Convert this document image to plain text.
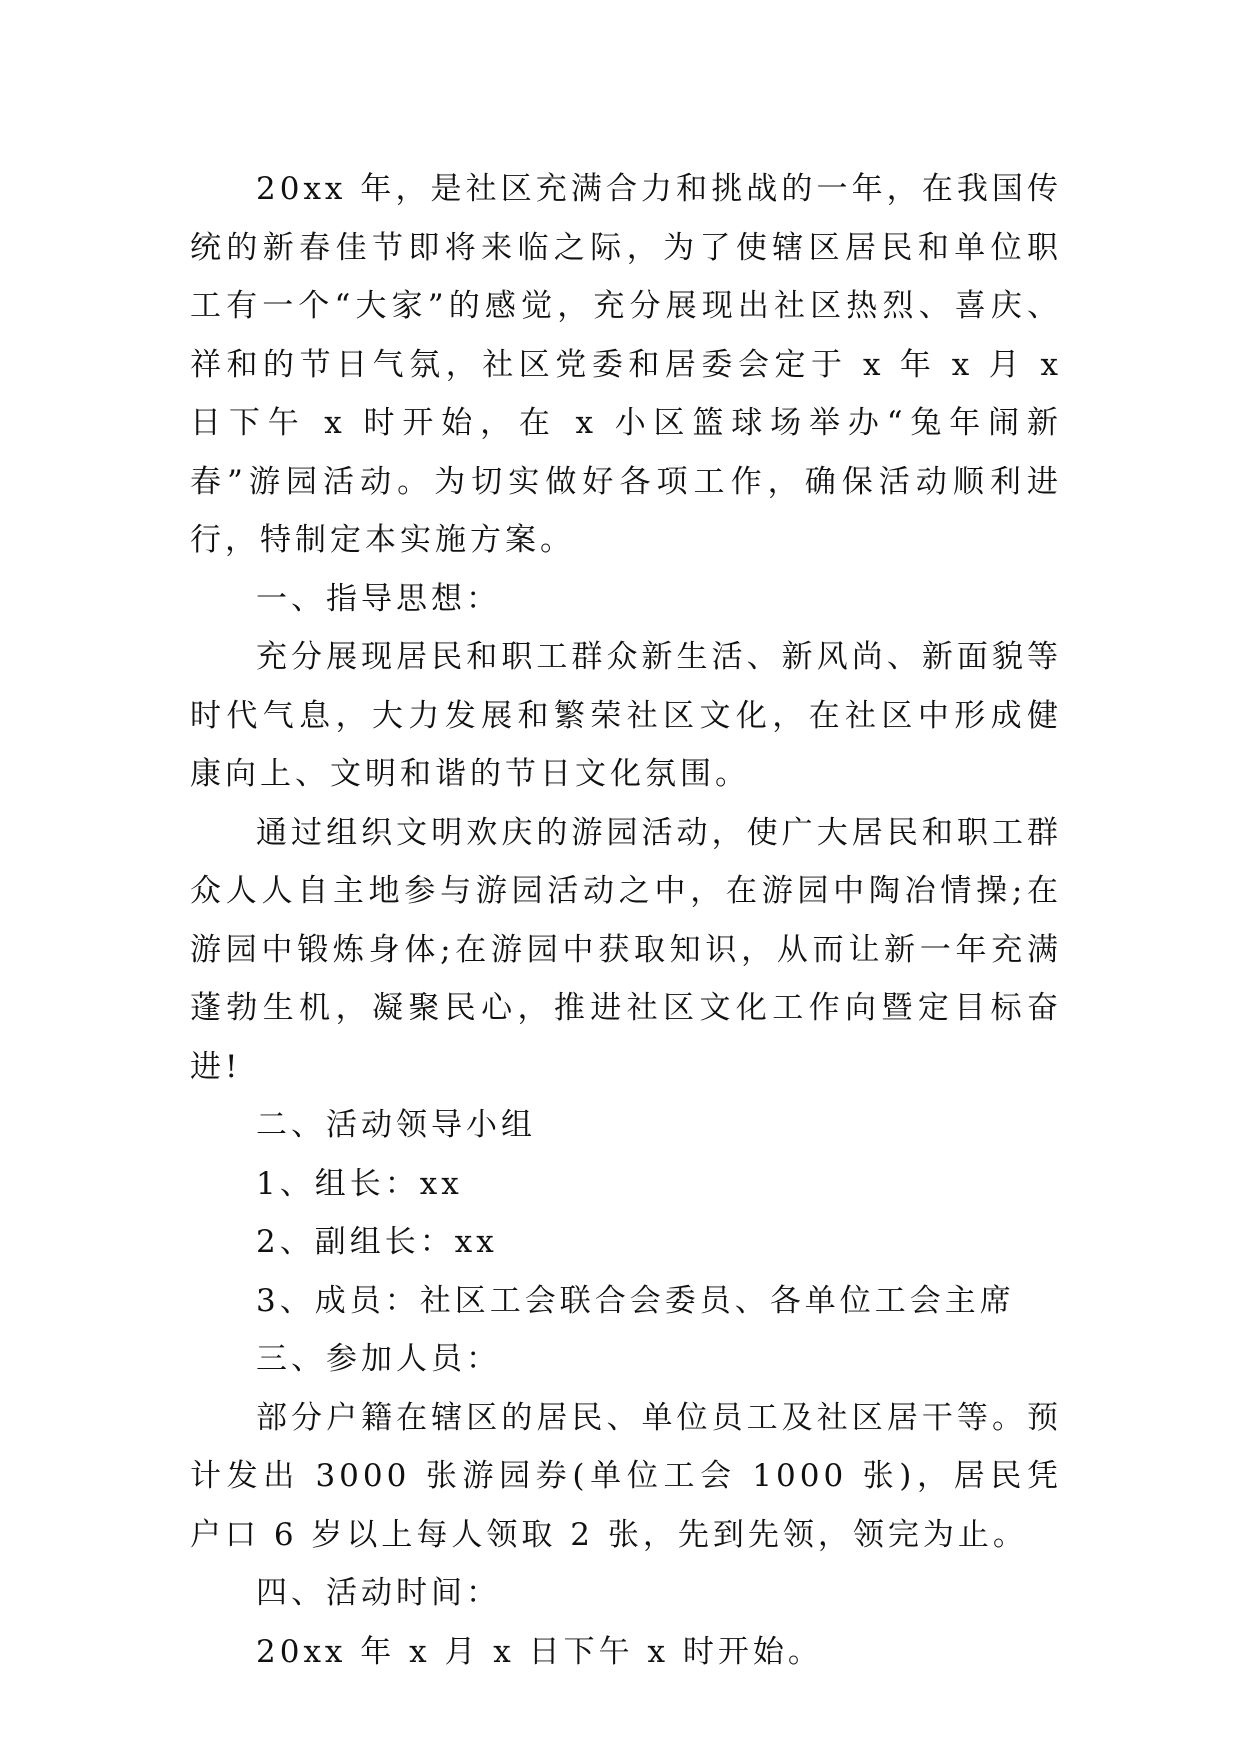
20xx 年，是社区充满合力和挑战的一年，在我国传统的新春佳节即将来临之际，为了使辖区居民和单位职工有一个“大家”的感觉，充分展现出社区热烈、喜庆、祥和的节日气氛，社区党委和居委会定于 x 年 x 月 x 日下午 x 时开始，在 x 小区篮球场举办“兔年闹新春”游园活动。为切实做好各项工作，确保活动顺利进行，特制定本实施方案。

一、指导思想：

充分展现居民和职工群众新生活、新风尚、新面貌等时代气息，大力发展和繁荣社区文化，在社区中形成健康向上、文明和谐的节日文化氛围。

通过组织文明欢庆的游园活动，使广大居民和职工群众人人自主地参与游园活动之中，在游园中陶冶情操;在游园中锻炼身体;在游园中获取知识，从而让新一年充满蓬勃生机，凝聚民心，推进社区文化工作向暨定目标奋进!

二、活动领导小组

1、组长：xx

2、副组长：xx

3、成员：社区工会联合会委员、各单位工会主席

三、参加人员：

部分户籍在辖区的居民、单位员工及社区居干等。预计发出 3000 张游园券(单位工会 1000 张)，居民凭户口 6 岁以上每人领取 2 张，先到先领，领完为止。

四、活动时间：

20xx 年 x 月 x 日下午 x 时开始。
